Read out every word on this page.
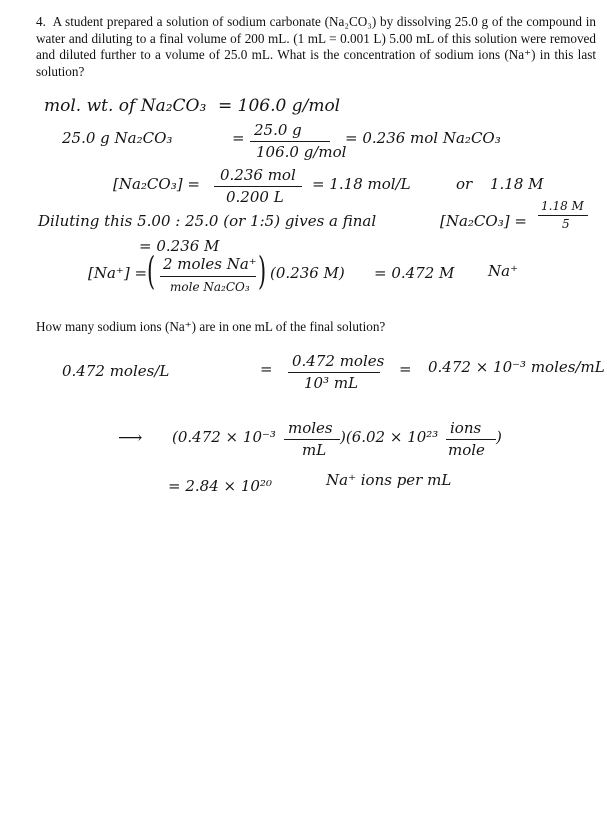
4. A student prepared a solution of sodium carbonate (Na₂CO₃) by dissolving 25.0 g of the compound in water and diluting to a final volume of 200 mL. (1 mL = 0.001 L) 5.00 mL of this solution were removed and diluted further to a volume of 25.0 mL. What is the concentration of sodium ions (Na⁺) in this last solution?
mol. wt. of Na₂CO₃ = 106.0 g/mol
25.0 g Na₂CO₃	= 25.0 g
106.0 g/mol
= 0.236 mol Na₂CO₃
[Na₂CO₃] = 0.236 mol
0.200 L
= 1.18 mol/L	or 1.18 M
Diluting this 5.00 : 25.0 (or 1:5) gives a final	[Na₂CO₃] =
1.18 M
5
= 0.236 M
[Na⁺] = ( 2 moles Na⁺
mole Na₂CO₃ ) (0.236 M) = 0.472 M Na⁺
How many sodium ions (Na⁺) are in one mL of the final solution?
0.472 moles/L	= 0.472 moles
10³ mL
= 0.472 × 10⁻³ moles/mL
⟶ (0.472 × 10⁻³ moles
mL
)(6.02 × 10²³ ions
mole
)
= 2.84 × 10²⁰	Na⁺ ions per mL
